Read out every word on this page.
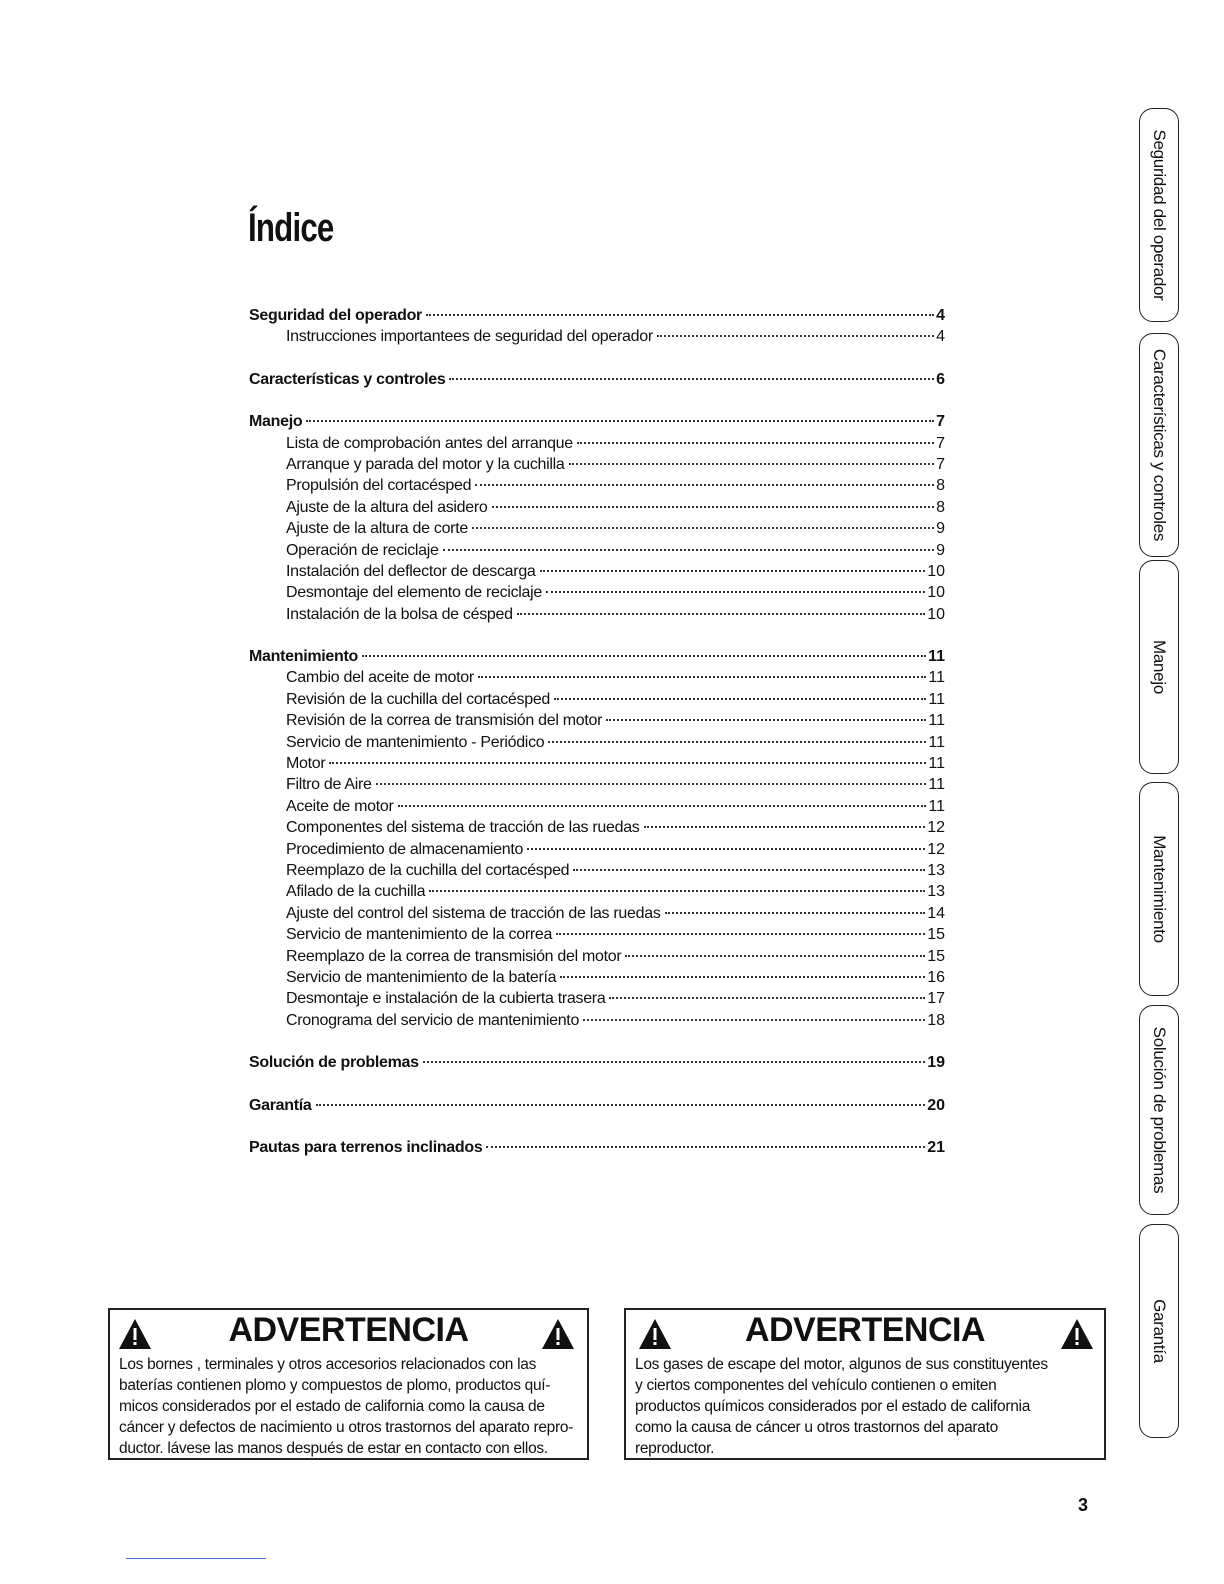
Índice
Seguridad del operador	4
Instrucciones importantees de seguridad del operador	4
Características y controles	6
Manejo	7
Lista de comprobación antes del arranque	7
Arranque y parada del motor y la cuchilla	7
Propulsión del cortacésped	8
Ajuste de la altura del asidero	8
Ajuste de la altura de corte	9
Operación de reciclaje	9
Instalación del deflector de descarga	10
Desmontaje del elemento de reciclaje	10
Instalación de la bolsa de césped	10
Mantenimiento	11
Cambio del aceite de motor	11
Revisión de la cuchilla del cortacésped	11
Revisión de la correa de transmisión del motor	11
Servicio de mantenimiento - Periódico	11
Motor	11
Filtro de Aire	11
Aceite de motor	11
Componentes del sistema de tracción de las ruedas	12
Procedimiento de almacenamiento	12
Reemplazo de la cuchilla del cortacésped	13
Afilado de la cuchilla	13
Ajuste del control del sistema de tracción de las ruedas	14
Servicio de mantenimiento de la correa	15
Reemplazo de la correa de transmisión del motor	15
Servicio de mantenimiento de la batería	16
Desmontaje e instalación de la cubierta trasera	17
Cronograma del servicio de mantenimiento	18
Solución de problemas	19
Garantía	20
Pautas para terrenos inclinados	21
Seguridad del operador
Características y controles
Manejo
Mantenimiento
Solución de problemas
Garantía
ADVERTENCIA
Los bornes , terminales y otros accesorios relacionados con las
baterías contienen plomo y compuestos de plomo, productos quí-
micos considerados por el estado de california como la causa de
cáncer y defectos de nacimiento u otros trastornos del aparato repro-
ductor. lávese las manos después de estar en contacto con ellos.
ADVERTENCIA
Los gases de escape del motor, algunos de sus constituyentes
y ciertos componentes del vehículo contienen o emiten
productos químicos considerados por el estado de california
como la causa de cáncer u otros trastornos del aparato
reproductor.
3
